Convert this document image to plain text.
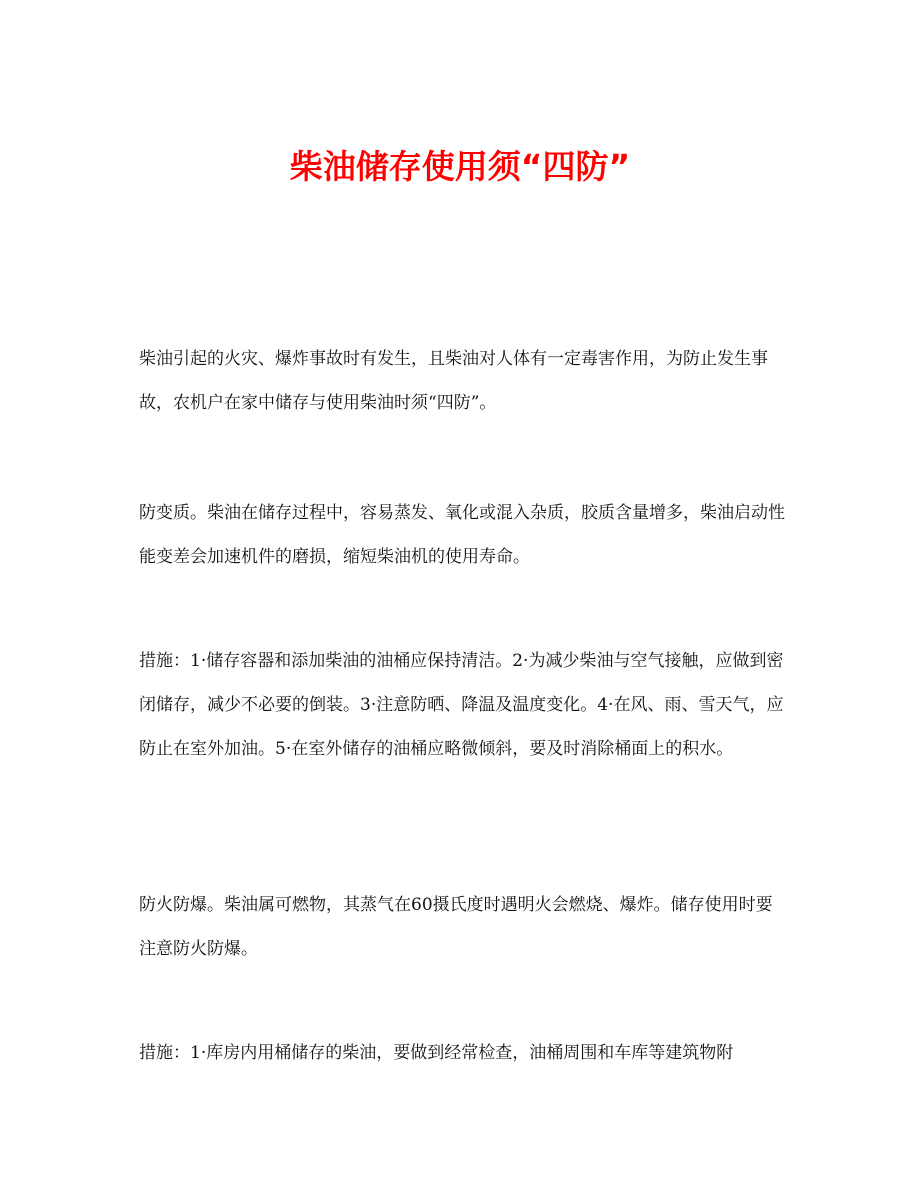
柴油储存使用须“四防”

柴油引起的火灾、爆炸事故时有发生，且柴油对人体有一定毒害作用，为防止发生事故，农机户在家中储存与使用柴油时须“四防”。

防变质。柴油在储存过程中，容易蒸发、氧化或混入杂质，胶质含量增多，柴油启动性能变差会加速机件的磨损，缩短柴油机的使用寿命。

措施：1·储存容器和添加柴油的油桶应保持清洁。2·为减少柴油与空气接触，应做到密闭储存，减少不必要的倒装。3·注意防晒、降温及温度变化。4·在风、雨、雪天气，应防止在室外加油。5·在室外储存的油桶应略微倾斜，要及时消除桶面上的积水。

防火防爆。柴油属可燃物，其蒸气在60摄氏度时遇明火会燃烧、爆炸。储存使用时要注意防火防爆。

措施：1·库房内用桶储存的柴油，要做到经常检查，油桶周围和车库等建筑物附
